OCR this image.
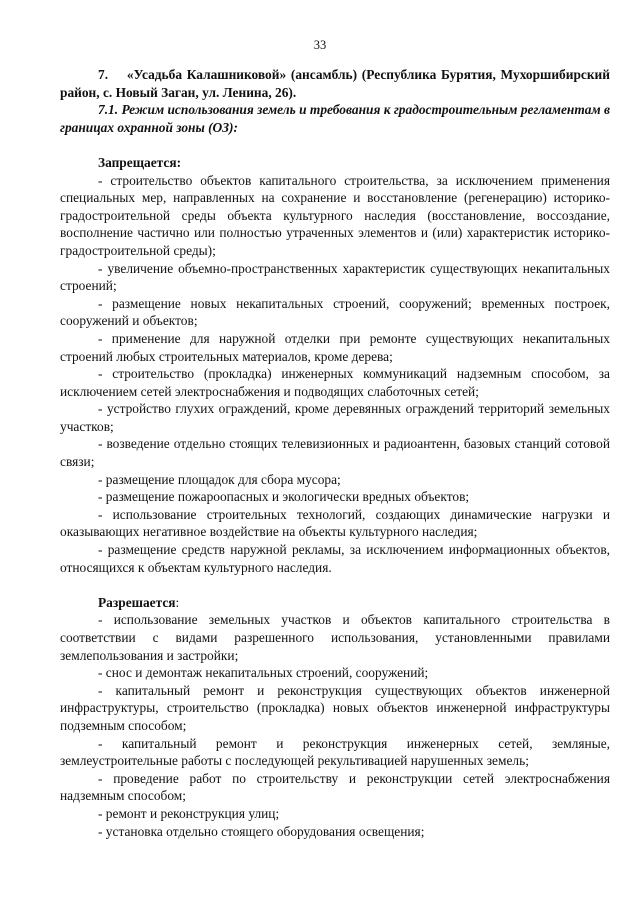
33

7.    «Усадьба Калашниковой» (ансамбль) (Республика Бурятия, Мухоршибирский район, с. Новый Заган, ул. Ленина, 26).

7.1. Режим использования земель и требования к градостроительным регламентам в границах охранной зоны (ОЗ):

Запрещается:

- строительство объектов капитального строительства, за исключением применения специальных мер, направленных на сохранение и восстановление (регенерацию) историко-градостроительной среды объекта культурного наследия (восстановление, воссоздание, восполнение частично или полностью утраченных элементов и (или) характеристик историко-градостроительной среды);

- увеличение объемно-пространственных характеристик существующих некапитальных строений;

- размещение новых некапитальных строений, сооружений; временных построек, сооружений и объектов;

- применение для наружной отделки при ремонте существующих некапитальных строений любых строительных материалов, кроме дерева;

- строительство (прокладка) инженерных коммуникаций надземным способом, за исключением сетей электроснабжения и подводящих слаботочных сетей;

- устройство глухих ограждений, кроме деревянных ограждений территорий земельных участков;

- возведение отдельно стоящих телевизионных и радиоантенн, базовых станций сотовой связи;

- размещение площадок для сбора мусора;

- размещение пожароопасных и экологически вредных объектов;

- использование строительных технологий, создающих динамические нагрузки и оказывающих негативное воздействие на объекты культурного наследия;

- размещение средств наружной рекламы, за исключением информационных объектов, относящихся к объектам культурного наследия.

Разрешается:

- использование земельных участков и объектов капитального строительства в соответствии с видами разрешенного использования, установленными правилами землепользования и застройки;

- снос и демонтаж некапитальных строений, сооружений;

- капитальный ремонт и реконструкция существующих объектов инженерной инфраструктуры, строительство (прокладка) новых объектов инженерной инфраструктуры подземным способом;

- капитальный ремонт и реконструкция инженерных сетей, земляные, землеустроительные работы с последующей рекультивацией нарушенных земель;

- проведение работ по строительству и реконструкции сетей электроснабжения надземным способом;

- ремонт и реконструкция улиц;

- установка отдельно стоящего оборудования освещения;
